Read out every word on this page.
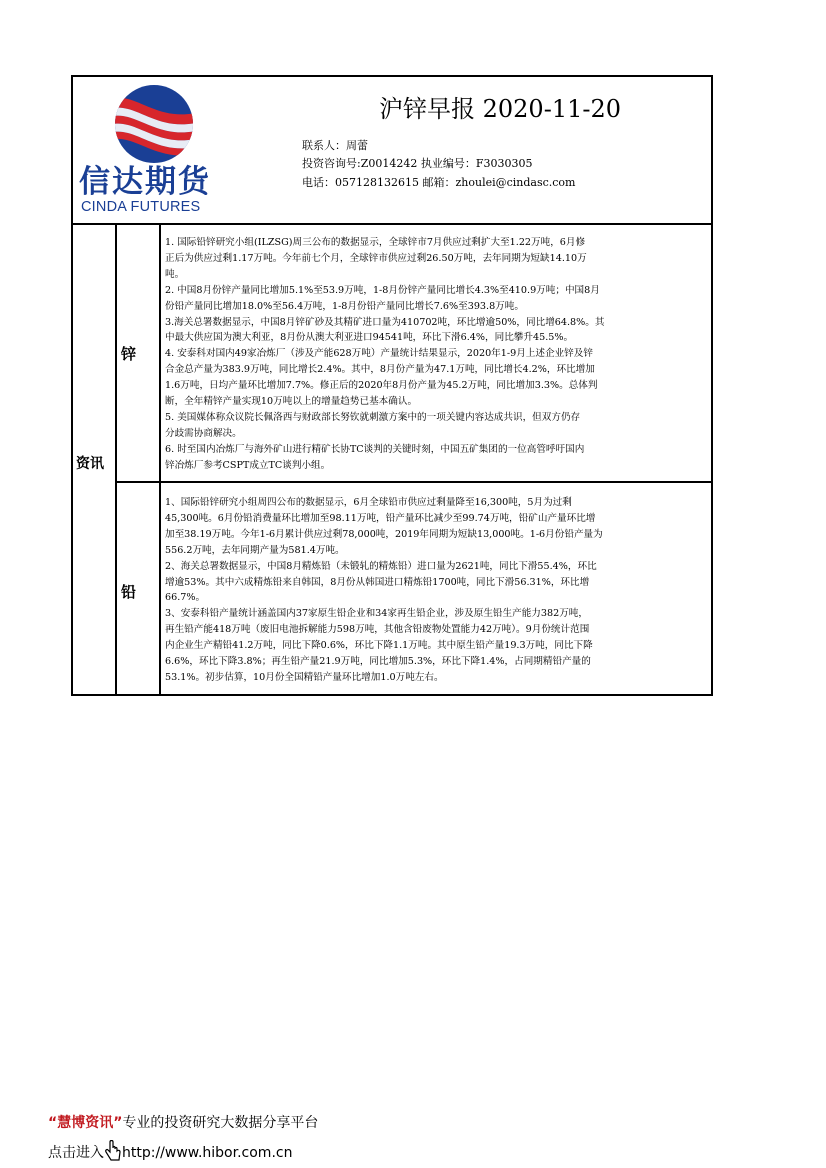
信达期货
CINDA FUTURES
沪锌早报 2020-11-20
联系人：周蕾
投资咨询号:Z0014242 执业编号：F3030305
电话：057128132615 邮箱：zhoulei@cindasc.com
资讯
锌

1. 国际铅锌研究小组(ILZSG)周三公布的数据显示，全球锌市7月供应过剩扩大至1.22万吨，6月修

正后为供应过剩1.17万吨。今年前七个月，全球锌市供应过剩26.50万吨，去年同期为短缺14.10万

吨。

2. 中国8月份锌产量同比增加5.1%至53.9万吨，1-8月份锌产量同比增长4.3%至410.9万吨；中国8月

份铅产量同比增加18.0%至56.4万吨，1-8月份铅产量同比增长7.6%至393.8万吨。

3.海关总署数据显示，中国8月锌矿砂及其精矿进口量为410702吨，环比增逾50%，同比增64.8%。其

中最大供应国为澳大利亚，8月份从澳大利亚进口94541吨，环比下滑6.4%，同比攀升45.5%。

4. 安泰科对国内49家冶炼厂（涉及产能628万吨）产量统计结果显示，2020年1-9月上述企业锌及锌

合金总产量为383.9万吨，同比增长2.4%。其中，8月份产量为47.1万吨，同比增长4.2%，环比增加

1.6万吨，日均产量环比增加7.7%。修正后的2020年8月份产量为45.2万吨，同比增加3.3%。总体判

断，全年精锌产量实现10万吨以上的增量趋势已基本确认。

5. 美国媒体称众议院长佩洛西与财政部长努钦就刺激方案中的一项关键内容达成共识，但双方仍存

分歧需协商解决。

6. 时至国内冶炼厂与海外矿山进行精矿长协TC谈判的关键时刻，中国五矿集团的一位高管呼吁国内

锌冶炼厂参考CSPT成立TC谈判小组。

铅

1、国际铅锌研究小组周四公布的数据显示，6月全球铅市供应过剩量降至16,300吨，5月为过剩

45,300吨。6月份铅消费量环比增加至98.11万吨，铅产量环比减少至99.74万吨，铅矿山产量环比增

加至38.19万吨。今年1-6月累计供应过剩78,000吨，2019年同期为短缺13,000吨。1-6月份铅产量为

556.2万吨，去年同期产量为581.4万吨。

2、海关总署数据显示，中国8月精炼铅（未锻轧的精炼铅）进口量为2621吨，同比下滑55.4%，环比

增逾53%。其中六成精炼铅来自韩国，8月份从韩国进口精炼铅1700吨，同比下滑56.31%，环比增

66.7%。

3、安泰科铅产量统计涵盖国内37家原生铅企业和34家再生铅企业，涉及原生铅生产能力382万吨，

再生铅产能418万吨（废旧电池拆解能力598万吨，其他含铅废物处置能力42万吨）。9月份统计范围

内企业生产精铅41.2万吨，同比下降0.6%，环比下降1.1万吨。其中原生铅产量19.3万吨，同比下降

6.6%，环比下降3.8%；再生铅产量21.9万吨，同比增加5.3%，环比下降1.4%，占同期精铅产量的

53.1%。初步估算，10月份全国精铅产量环比增加1.0万吨左右。

“慧博资讯”专业的投资研究大数据分享平台
点击进入 http://www.hibor.com.cn
